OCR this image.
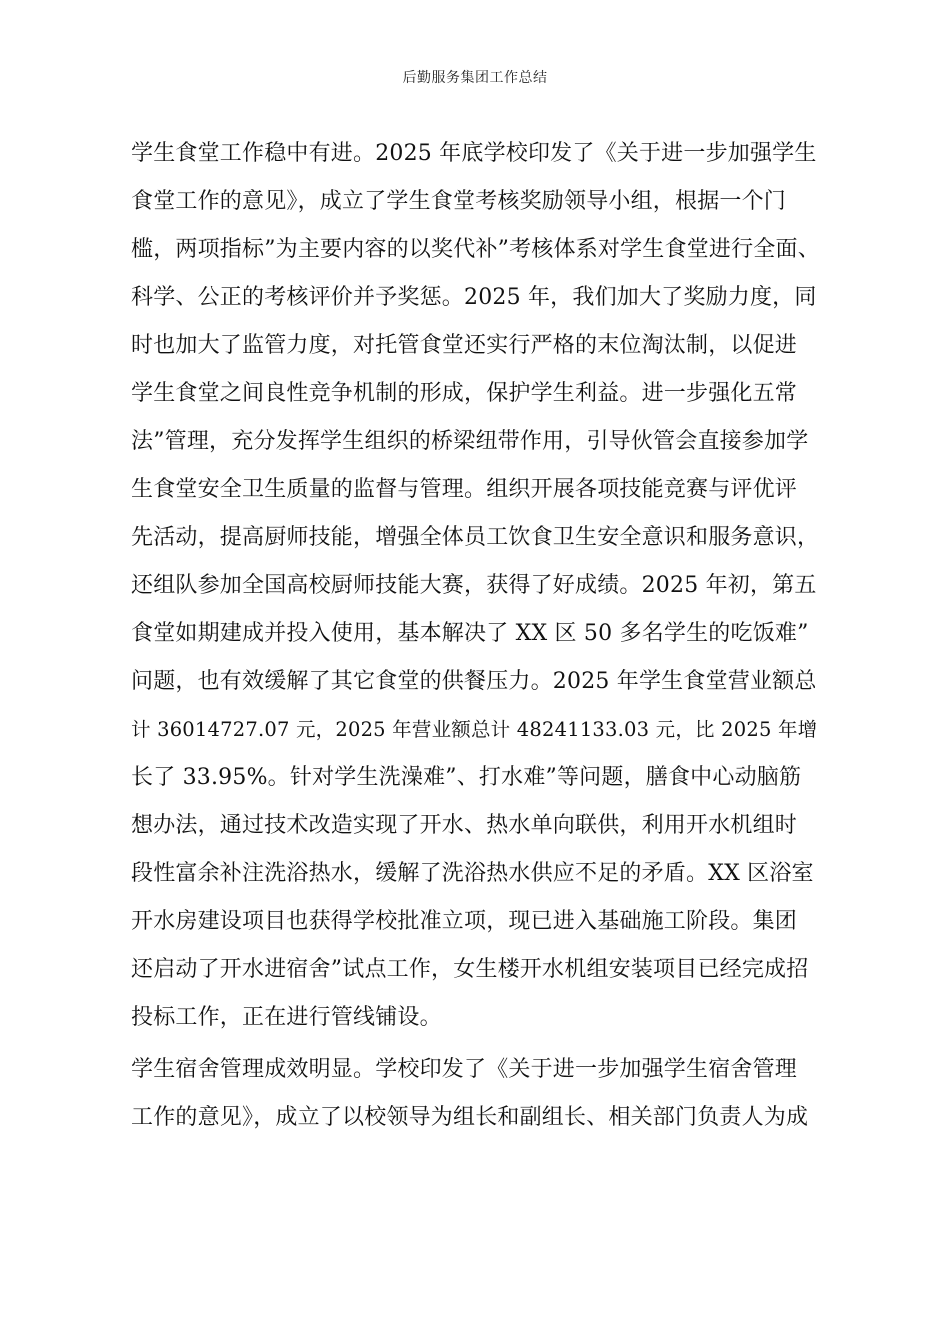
后勤服务集团工作总结
学生食堂工作稳中有进。2025 年底学校印发了《关于进一步加强学生
食堂工作的意见》，成立了学生食堂考核奖励领导小组，根据一个门
槛，两项指标”为主要内容的以奖代补”考核体系对学生食堂进行全面、
科学、公正的考核评价并予奖惩。2025 年，我们加大了奖励力度，同
时也加大了监管力度，对托管食堂还实行严格的末位淘汰制，以促进
学生食堂之间良性竞争机制的形成，保护学生利益。进一步强化五常
法”管理，充分发挥学生组织的桥梁纽带作用，引导伙管会直接参加学
生食堂安全卫生质量的监督与管理。组织开展各项技能竞赛与评优评
先活动，提高厨师技能，增强全体员工饮食卫生安全意识和服务意识，
还组队参加全国高校厨师技能大赛，获得了好成绩。2025 年初，第五
食堂如期建成并投入使用，基本解决了 XX 区 50 多名学生的吃饭难”
问题，也有效缓解了其它食堂的供餐压力。2025 年学生食堂营业额总
计 36014727.07 元，2025 年营业额总计 48241133.03 元，比 2025 年增
长了 33.95%。针对学生洗澡难”、打水难”等问题，膳食中心动脑筋
想办法，通过技术改造实现了开水、热水单向联供，利用开水机组时
段性富余补注洗浴热水，缓解了洗浴热水供应不足的矛盾。XX 区浴室
开水房建设项目也获得学校批准立项，现已进入基础施工阶段。集团
还启动了开水进宿舍”试点工作，女生楼开水机组安装项目已经完成招
投标工作，正在进行管线铺设。
学生宿舍管理成效明显。学校印发了《关于进一步加强学生宿舍管理
工作的意见》，成立了以校领导为组长和副组长、相关部门负责人为成
